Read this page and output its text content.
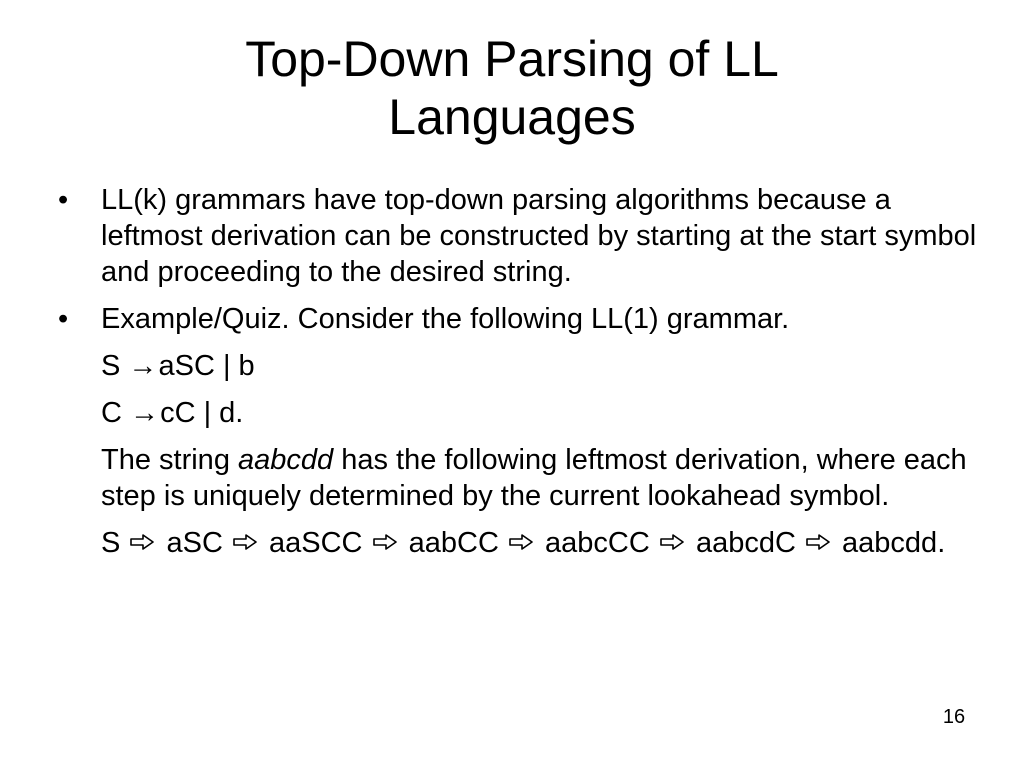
Top-Down Parsing of LL
Languages
• LL(k) grammars have top-down parsing algorithms because a leftmost derivation can be constructed by starting at the start symbol and proceeding to the desired string.
• Example/Quiz. Consider the following LL(1) grammar.
S → aSC | b
C → cC | d.
The string aabcdd has the following leftmost derivation, where each step is uniquely determined by the current lookahead symbol.
S aSC aaSCC aabCC aabcCC aabcdC aabcdd.
16
